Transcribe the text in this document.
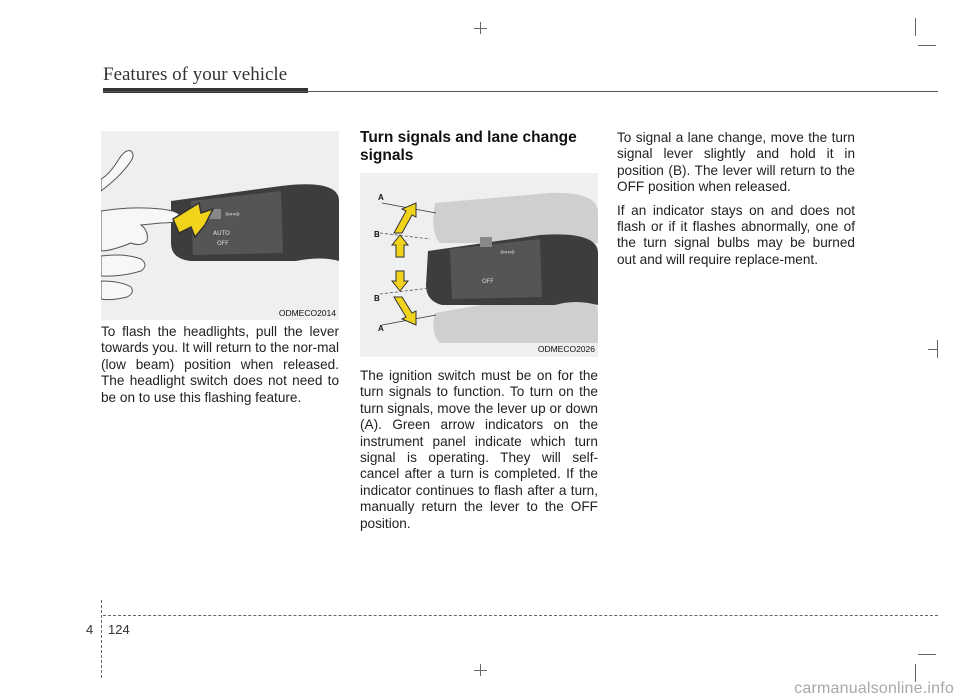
Features of your vehicle
⇦⇨
AUTO
OFF
ODMECO2014

To flash the headlights, pull the lever towards you. It will return to the nor-mal (low beam) position when released. The headlight switch does not need to be on to use this flashing feature.

Turn signals and lane change signals
⇦⇨
OFF
A
B
B
A
ODMECO2026

The ignition switch must be on for the turn signals to function. To turn on the turn signals, move the lever up or down (A). Green arrow indicators on the instrument panel indicate which turn signal is operating. They will self-cancel after a turn is completed. If the indicator continues to flash after a turn, manually return the lever to the OFF position.

To signal a lane change, move the turn signal lever slightly and hold it in position (B). The lever will return to the OFF position when released.

If an indicator stays on and does not flash or if it flashes abnormally, one of the turn signal bulbs may be burned out and will require replace-ment.

4 124
carmanualsonline.info
